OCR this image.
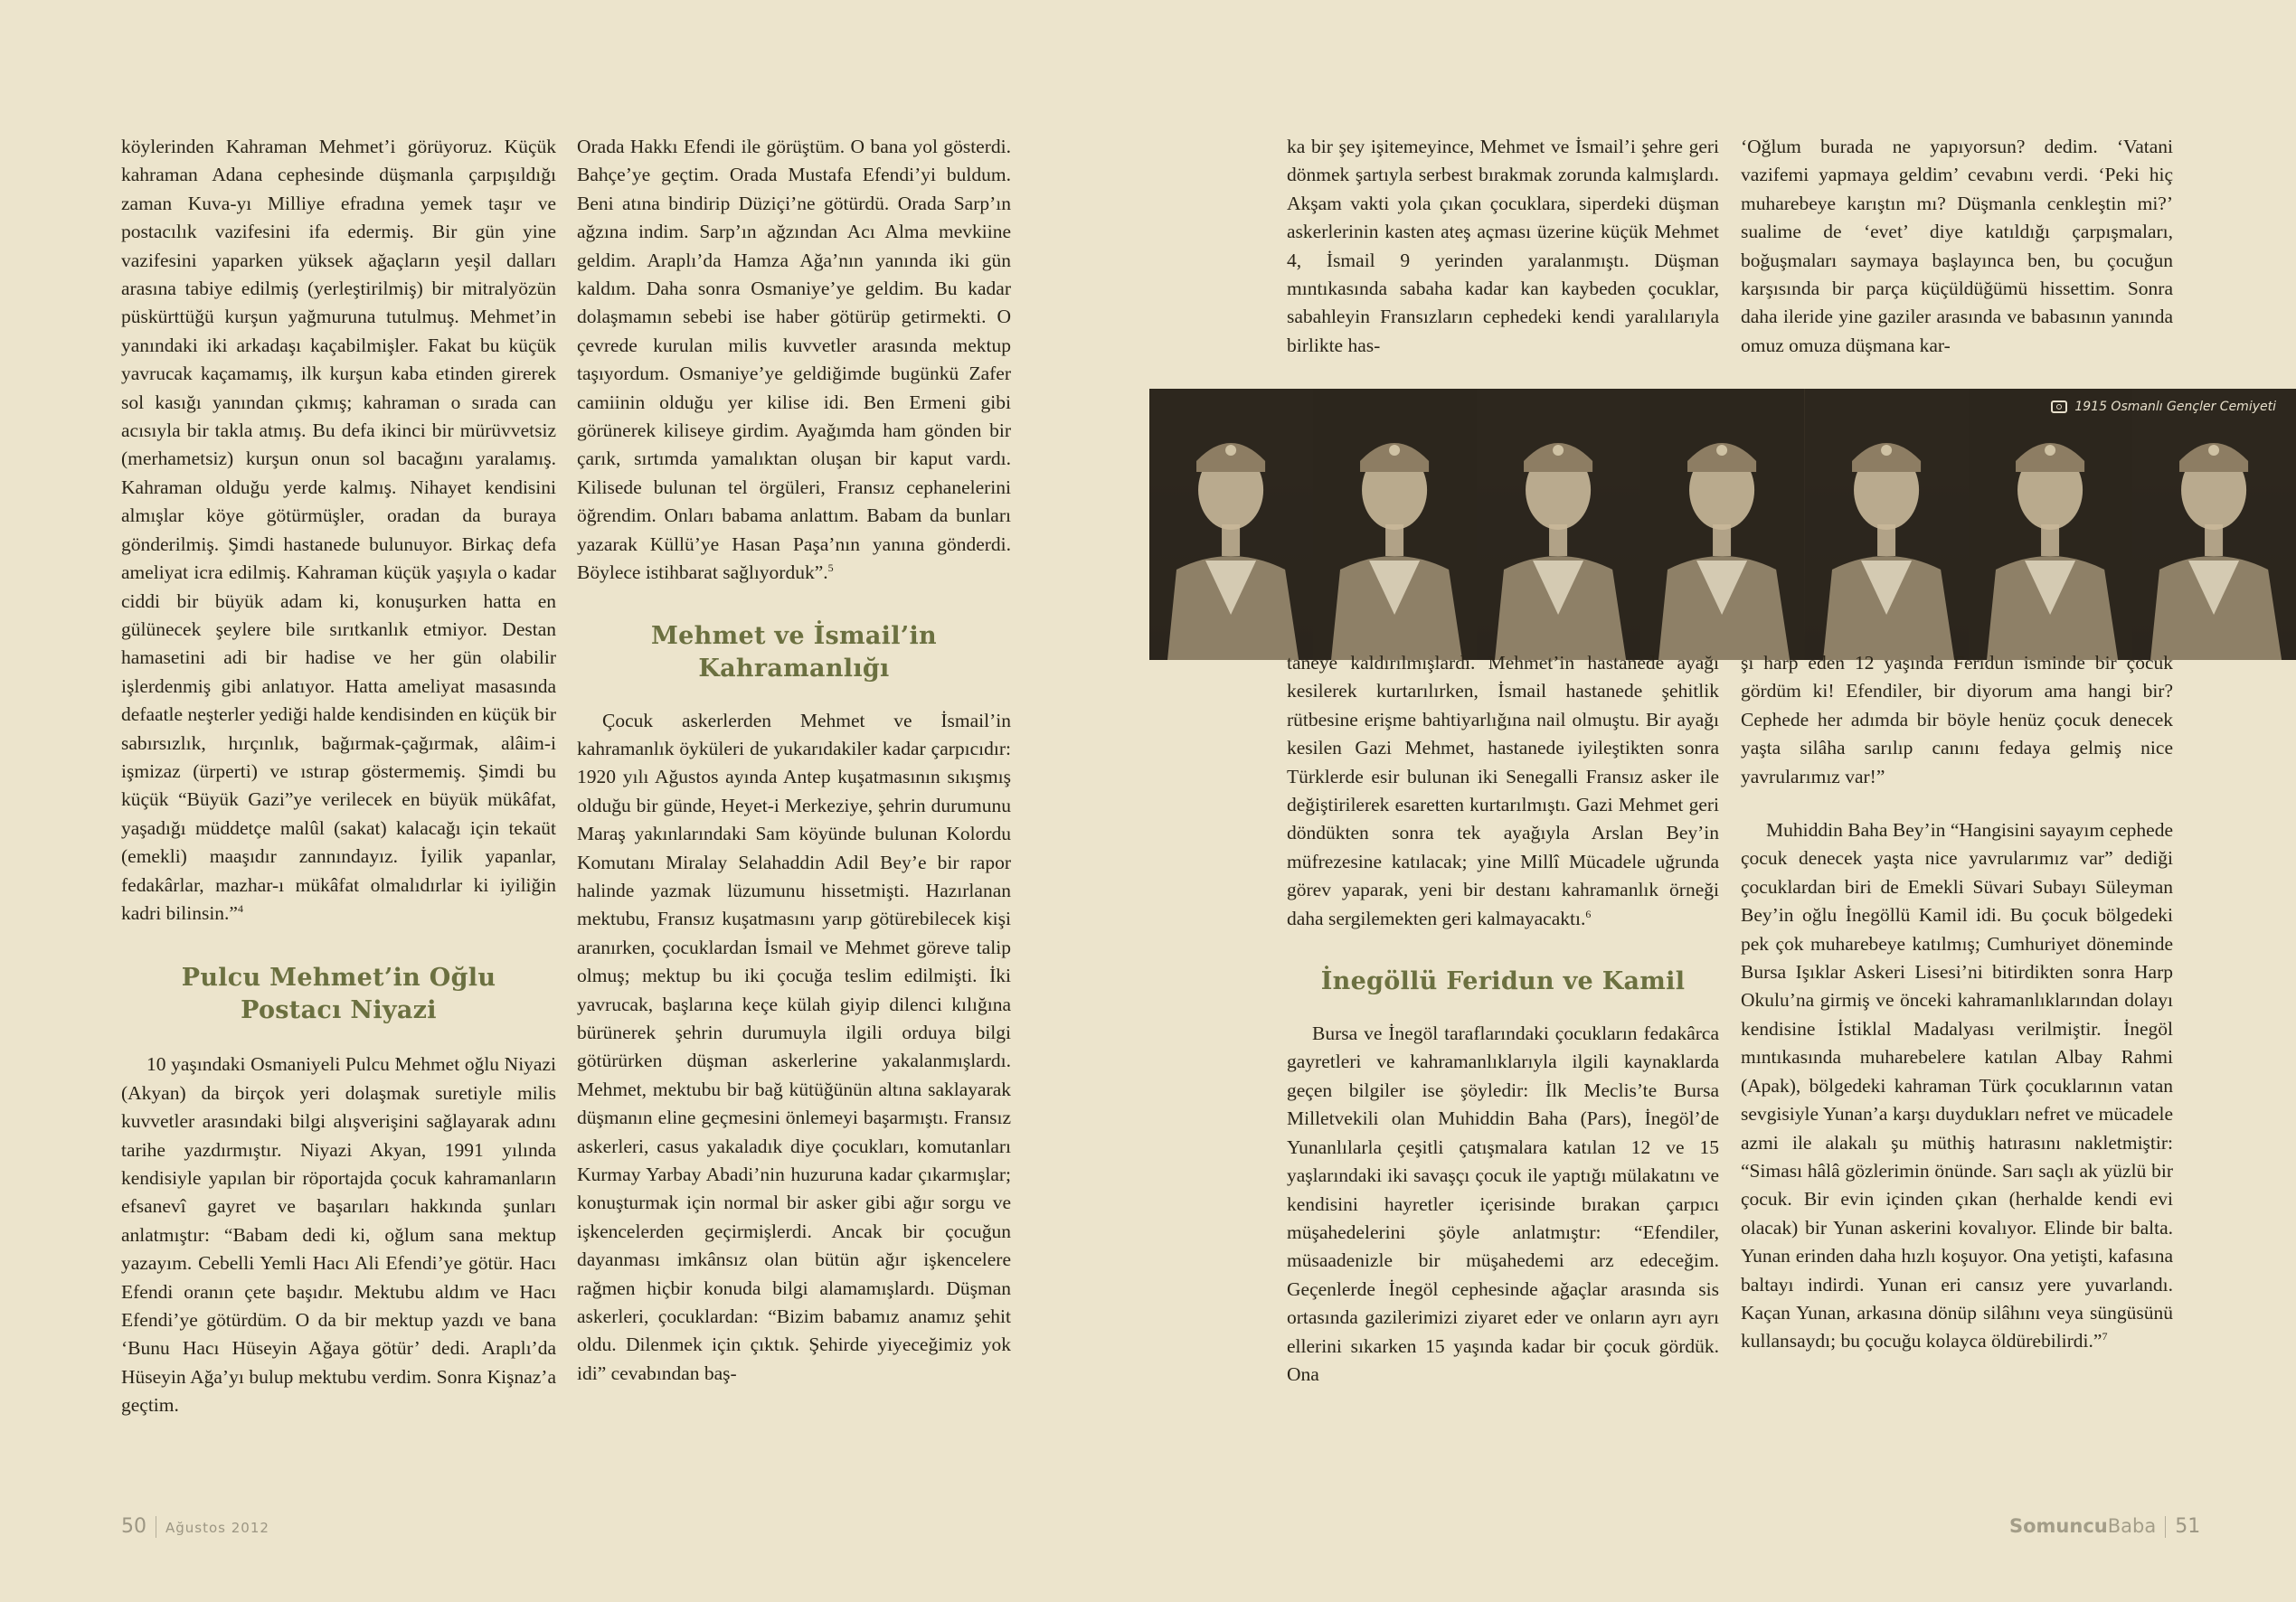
köylerinden Kahraman Mehmet’i görüyoruz. Küçük kahraman Adana cephesinde düşmanla çarpışıldığı zaman Kuva-yı Milliye efradına yemek taşır ve postacılık vazifesini ifa edermiş. Bir gün yine vazifesini yaparken yüksek ağaçların yeşil dalları arasına tabiye edilmiş (yerleştirilmiş) bir mitralyözün püskürttüğü kurşun yağmuruna tutulmuş. Mehmet’in yanındaki iki arkadaşı kaçabilmişler. Fakat bu küçük yavrucak kaçamamış, ilk kurşun kaba etinden girerek sol kasığı yanından çıkmış; kahraman o sırada can acısıyla bir takla atmış. Bu defa ikinci bir mürüvvetsiz (merhametsiz) kurşun onun sol bacağını yaralamış. Kahraman olduğu yerde kalmış. Nihayet kendisini almışlar köye götürmüşler, oradan da buraya gönderilmiş. Şimdi hastanede bulunuyor. Birkaç defa ameliyat icra edilmiş. Kahraman küçük yaşıyla o kadar ciddi bir büyük adam ki, konuşurken hatta en gülünecek şeylere bile sırıtkanlık etmiyor. Destan hamasetini adi bir hadise ve her gün olabilir işlerdenmiş gibi anlatıyor. Hatta ameliyat masasında defaatle neşterler yediği halde kendisinden en küçük bir sabırsızlık, hırçınlık, bağırmak-çağırmak, alâim-i işmizaz (ürperti) ve ıstırap göstermemiş. Şimdi bu küçük “Büyük Gazi”ye verilecek en büyük mükâfat, yaşadığı müddetçe malûl (sakat) kalacağı için tekaüt (emekli) maaşıdır zannındayız. İyilik yapanlar, fedakârlar, mazhar-ı mükâfat olmalıdırlar ki iyiliğin kadri bilinsin.”$^4$

Pulcu Mehmet’in Oğlu
Postacı Niyazi

10 yaşındaki Osmaniyeli Pulcu Mehmet oğlu Niyazi (Akyan) da birçok yeri dolaşmak suretiyle milis kuvvetler arasındaki bilgi alışverişini sağlayarak adını tarihe yazdırmıştır. Niyazi Akyan, 1991 yılında kendisiyle yapılan bir röportajda çocuk kahramanların efsanevî gayret ve başarıları hakkında şunları anlatmıştır: “Babam dedi ki, oğlum sana mektup yazayım. Cebelli Yemli Hacı Ali Efendi’ye götür. Hacı Efendi oranın çete başıdır. Mektubu aldım ve Hacı Efendi’ye götürdüm. O da bir mektup yazdı ve bana ‘Bunu Hacı Hüseyin Ağaya götür’ dedi. Araplı’da Hüseyin Ağa’yı bulup mektubu verdim. Sonra Kişnaz’a geçtim.

Orada Hakkı Efendi ile görüştüm. O bana yol gösterdi. Bahçe’ye geçtim. Orada Mustafa Efendi’yi buldum. Beni atına bindirip Düziçi’ne götürdü. Orada Sarp’ın ağzına indim. Sarp’ın ağzından Acı Alma mevkiine geldim. Araplı’da Hamza Ağa’nın yanında iki gün kaldım. Daha sonra Osmaniye’ye geldim. Bu kadar dolaşmamın sebebi ise haber götürüp getirmekti. O çevrede kurulan milis kuvvetler arasında mektup taşıyordum. Osmaniye’ye geldiğimde bugünkü Zafer camiinin olduğu yer kilise idi. Ben Ermeni gibi görünerek kiliseye girdim. Ayağımda ham gönden bir çarık, sırtımda yamalıktan oluşan bir kaput vardı. Kilisede bulunan tel örgüleri, Fransız cephanelerini öğrendim. Onları babama anlattım. Babam da bunları yazarak Küllü’ye Hasan Paşa’nın yanına gönderdi. Böylece istihbarat sağlıyorduk”.$^5$

Mehmet ve İsmail’in
Kahramanlığı

Çocuk askerlerden Mehmet ve İsmail’in kahramanlık öyküleri de yukarıdakiler kadar çarpıcıdır: 1920 yılı Ağustos ayında Antep kuşatmasının sıkışmış olduğu bir günde, Heyet-i Merkeziye, şehrin durumunu Maraş yakınlarındaki Sam köyünde bulunan Kolordu Komutanı Miralay Selahaddin Adil Bey’e bir rapor halinde yazmak lüzumunu hissetmişti. Hazırlanan mektubu, Fransız kuşatmasını yarıp götürebilecek kişi aranırken, çocuklardan İsmail ve Mehmet göreve talip olmuş; mektup bu iki çocuğa teslim edilmişti. İki yavrucak, başlarına keçe külah giyip dilenci kılığına bürünerek şehrin durumuyla ilgili orduya bilgi götürürken düşman askerlerine yakalanmışlardı. Mehmet, mektubu bir bağ kütüğünün altına saklayarak düşmanın eline geçmesini önlemeyi başarmıştı. Fransız askerleri, casus yakaladık diye çocukları, komutanları Kurmay Yarbay Abadi’nin huzuruna kadar çıkarmışlar; konuşturmak için normal bir asker gibi ağır sorgu ve işkencelerden geçirmişlerdi. Ancak bir çocuğun dayanması imkânsız olan bütün ağır işkencelere rağmen hiçbir konuda bilgi alamamışlardı. Düşman askerleri, çocuklardan: “Bizim babamız anamız şehit oldu. Dilenmek için çıktık. Şehirde yiyeceğimiz yok idi” cevabından baş-

ka bir şey işitemeyince, Mehmet ve İsmail’i şehre geri dönmek şartıyla serbest bırakmak zorunda kalmışlardı. Akşam vakti yola çıkan çocuklara, siperdeki düşman askerlerinin kasten ateş açması üzerine küçük Mehmet 4, İsmail 9 yerinden yaralanmıştı. Düşman mıntıkasında sabaha kadar kan kaybeden çocuklar, sabahleyin Fransızların cephedeki kendi yaralılarıyla birlikte has-

‘Oğlum burada ne yapıyorsun? dedim. ‘Vatani vazifemi yapmaya geldim’ cevabını verdi. ‘Peki hiç muharebeye karıştın mı? Düşmanla cenkleştin mi?’ sualime de ‘evet’ diye katıldığı çarpışmaları, boğuşmaları saymaya başlayınca ben, bu çocuğun karşısında bir parça küçüldüğümü hissettim. Sonra daha ileride yine gaziler arasında ve babasının yanında omuz omuza düşmana kar-

1915 Osmanlı Gençler Cemiyeti

taneye kaldırılmışlardı. Mehmet’in hastanede ayağı kesilerek kurtarılırken, İsmail hastanede şehitlik rütbesine erişme bahtiyarlığına nail olmuştu. Bir ayağı kesilen Gazi Mehmet, hastanede iyileştikten sonra Türklerde esir bulunan iki Senegalli Fransız asker ile değiştirilerek esaretten kurtarılmıştı. Gazi Mehmet geri döndükten sonra tek ayağıyla Arslan Bey’in müfrezesine katılacak; yine Millî Mücadele uğrunda görev yaparak, yeni bir destanı kahramanlık örneği daha sergilemekten geri kalmayacaktı.$^6$

İnegöllü Feridun ve Kamil

Bursa ve İnegöl taraflarındaki çocukların fedakârca gayretleri ve kahramanlıklarıyla ilgili kaynaklarda geçen bilgiler ise şöyledir: İlk Meclis’te Bursa Milletvekili olan Muhiddin Baha (Pars), İnegöl’de Yunanlılarla çeşitli çatışmalara katılan 12 ve 15 yaşlarındaki iki savaşçı çocuk ile yaptığı mülakatını ve kendisini hayretler içerisinde bırakan çarpıcı müşahedelerini şöyle anlatmıştır: “Efendiler, müsaadenizle bir müşahedemi arz edeceğim. Geçenlerde İnegöl cephesinde ağaçlar arasında sis ortasında gazilerimizi ziyaret eder ve onların ayrı ayrı ellerini sıkarken 15 yaşında kadar bir çocuk gördük. Ona

şı harp eden 12 yaşında Feridun isminde bir çocuk gördüm ki! Efendiler, bir diyorum ama hangi bir? Cephede her adımda bir böyle henüz çocuk denecek yaşta silâha sarılıp canını fedaya gelmiş nice yavrularımız var!”

Muhiddin Baha Bey’in “Hangisini sayayım cephede çocuk denecek yaşta nice yavrularımız var” dediği çocuklardan biri de Emekli Süvari Subayı Süleyman Bey’in oğlu İnegöllü Kamil idi. Bu çocuk bölgedeki pek çok muharebeye katılmış; Cumhuriyet döneminde Bursa Işıklar Askeri Lisesi’ni bitirdikten sonra Harp Okulu’na girmiş ve önceki kahramanlıklarından dolayı kendisine İstiklal Madalyası verilmiştir. İnegöl mıntıkasında muharebelere katılan Albay Rahmi (Apak), bölgedeki kahraman Türk çocuklarının vatan sevgisiyle Yunan’a karşı duydukları nefret ve mücadele azmi ile alakalı şu müthiş hatırasını nakletmiştir: “Siması hâlâ gözlerimin önünde. Sarı saçlı ak yüzlü bir çocuk. Bir evin içinden çıkan (herhalde kendi evi olacak) bir Yunan askerini kovalıyor. Elinde bir balta. Yunan erinden daha hızlı koşuyor. Ona yetişti, kafasına baltayı indirdi. Yunan eri cansız yere yuvarlandı. Kaçan Yunan, arkasına dönüp silâhını veya süngüsünü kullansaydı; bu çocuğu kolayca öldürebilirdi.”$^7$

50 Ağustos 2012	SomuncuBaba 51
